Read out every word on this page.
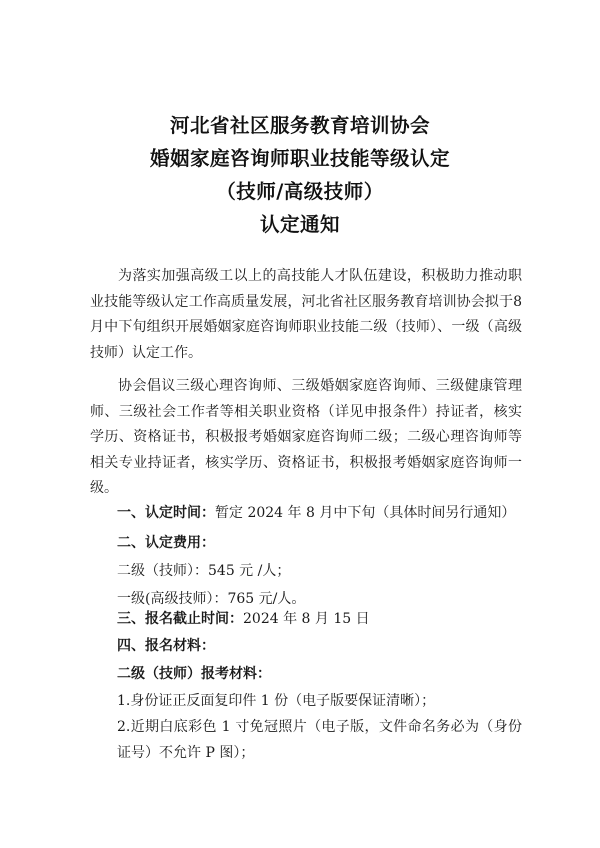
河北省社区服务教育培训协会
婚姻家庭咨询师职业技能等级认定
（技师/高级技师）
认定通知
为落实加强高级工以上的高技能人才队伍建设，积极助力推动职业技能等级认定工作高质量发展，河北省社区服务教育培训协会拟于8月中下旬组织开展婚姻家庭咨询师职业技能二级（技师）、一级（高级技师）认定工作。
协会倡议三级心理咨询师、三级婚姻家庭咨询师、三级健康管理师、三级社会工作者等相关职业资格（详见申报条件）持证者，核实学历、资格证书，积极报考婚姻家庭咨询师二级；二级心理咨询师等相关专业持证者，核实学历、资格证书，积极报考婚姻家庭咨询师一级。
一、认定时间：暂定 2024 年 8 月中下旬（具体时间另行通知）
二、认定费用：
二级（技师）：545 元 /人；
一级(高级技师）：765 元/人。
三、报名截止时间：2024 年 8 月 15 日
四、报名材料：
二级（技师）报考材料：
1.身份证正反面复印件 1 份（电子版要保证清晰）；
2.近期白底彩色 1 寸免冠照片（电子版，文件命名务必为（身份证号）不允许 P 图）；
